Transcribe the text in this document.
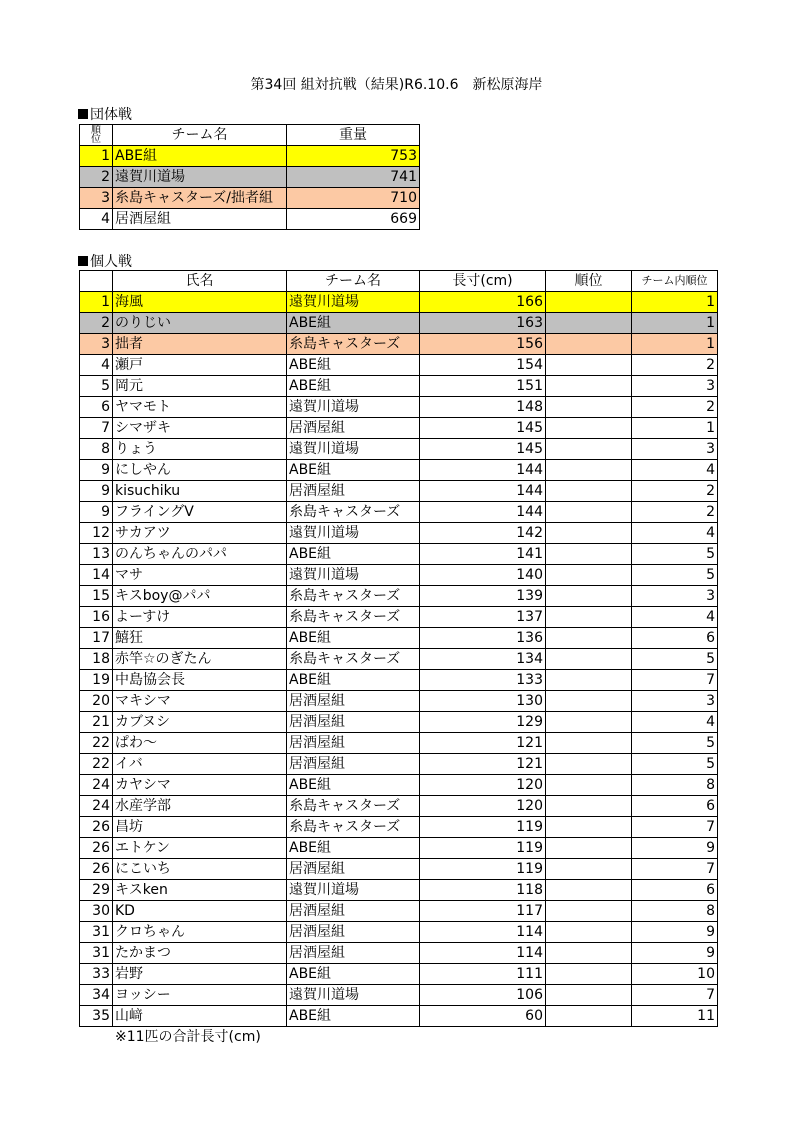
第34回 組対抗戦（結果)R6.10.6　新松原海岸
団体戦
順位	チーム名	重量
1	ABE組	753
2	遠賀川道場	741
3	糸島キャスターズ/拙者組	710
4	居酒屋組	669
個人戦
	氏名	チーム名	長寸(cm)	順位	チーム内順位
1	海風	遠賀川道場	166		1
2	のりじい	ABE組	163		1
3	拙者	糸島キャスターズ	156		1
4	瀬戸	ABE組	154		2
5	岡元	ABE組	151		3
6	ヤマモト	遠賀川道場	148		2
7	シマザキ	居酒屋組	145		1
8	りょう	遠賀川道場	145		3
9	にしやん	ABE組	144		4
9	kisuchiku	居酒屋組	144		2
9	フライングV	糸島キャスターズ	144		2
12	サカアツ	遠賀川道場	142		4
13	のんちゃんのパパ	ABE組	141		5
14	マサ	遠賀川道場	140		5
15	キスboy@パパ	糸島キャスターズ	139		3
16	よーすけ	糸島キャスターズ	137		4
17	鱚狂	ABE組	136		6
18	赤竿☆のぎたん	糸島キャスターズ	134		5
19	中島協会長	ABE組	133		7
20	マキシマ	居酒屋組	130		3
21	カブヌシ	居酒屋組	129		4
22	ぱわ～	居酒屋組	121		5
22	イバ	居酒屋組	121		5
24	カヤシマ	ABE組	120		8
24	水産学部	糸島キャスターズ	120		6
26	昌坊	糸島キャスターズ	119		7
26	エトケン	ABE組	119		9
26	にこいち	居酒屋組	119		7
29	キスken	遠賀川道場	118		6
30	KD	居酒屋組	117		8
31	クロちゃん	居酒屋組	114		9
31	たかまつ	居酒屋組	114		9
33	岩野	ABE組	111		10
34	ヨッシー	遠賀川道場	106		7
35	山﨑	ABE組	60		11
※11匹の合計長寸(cm)
